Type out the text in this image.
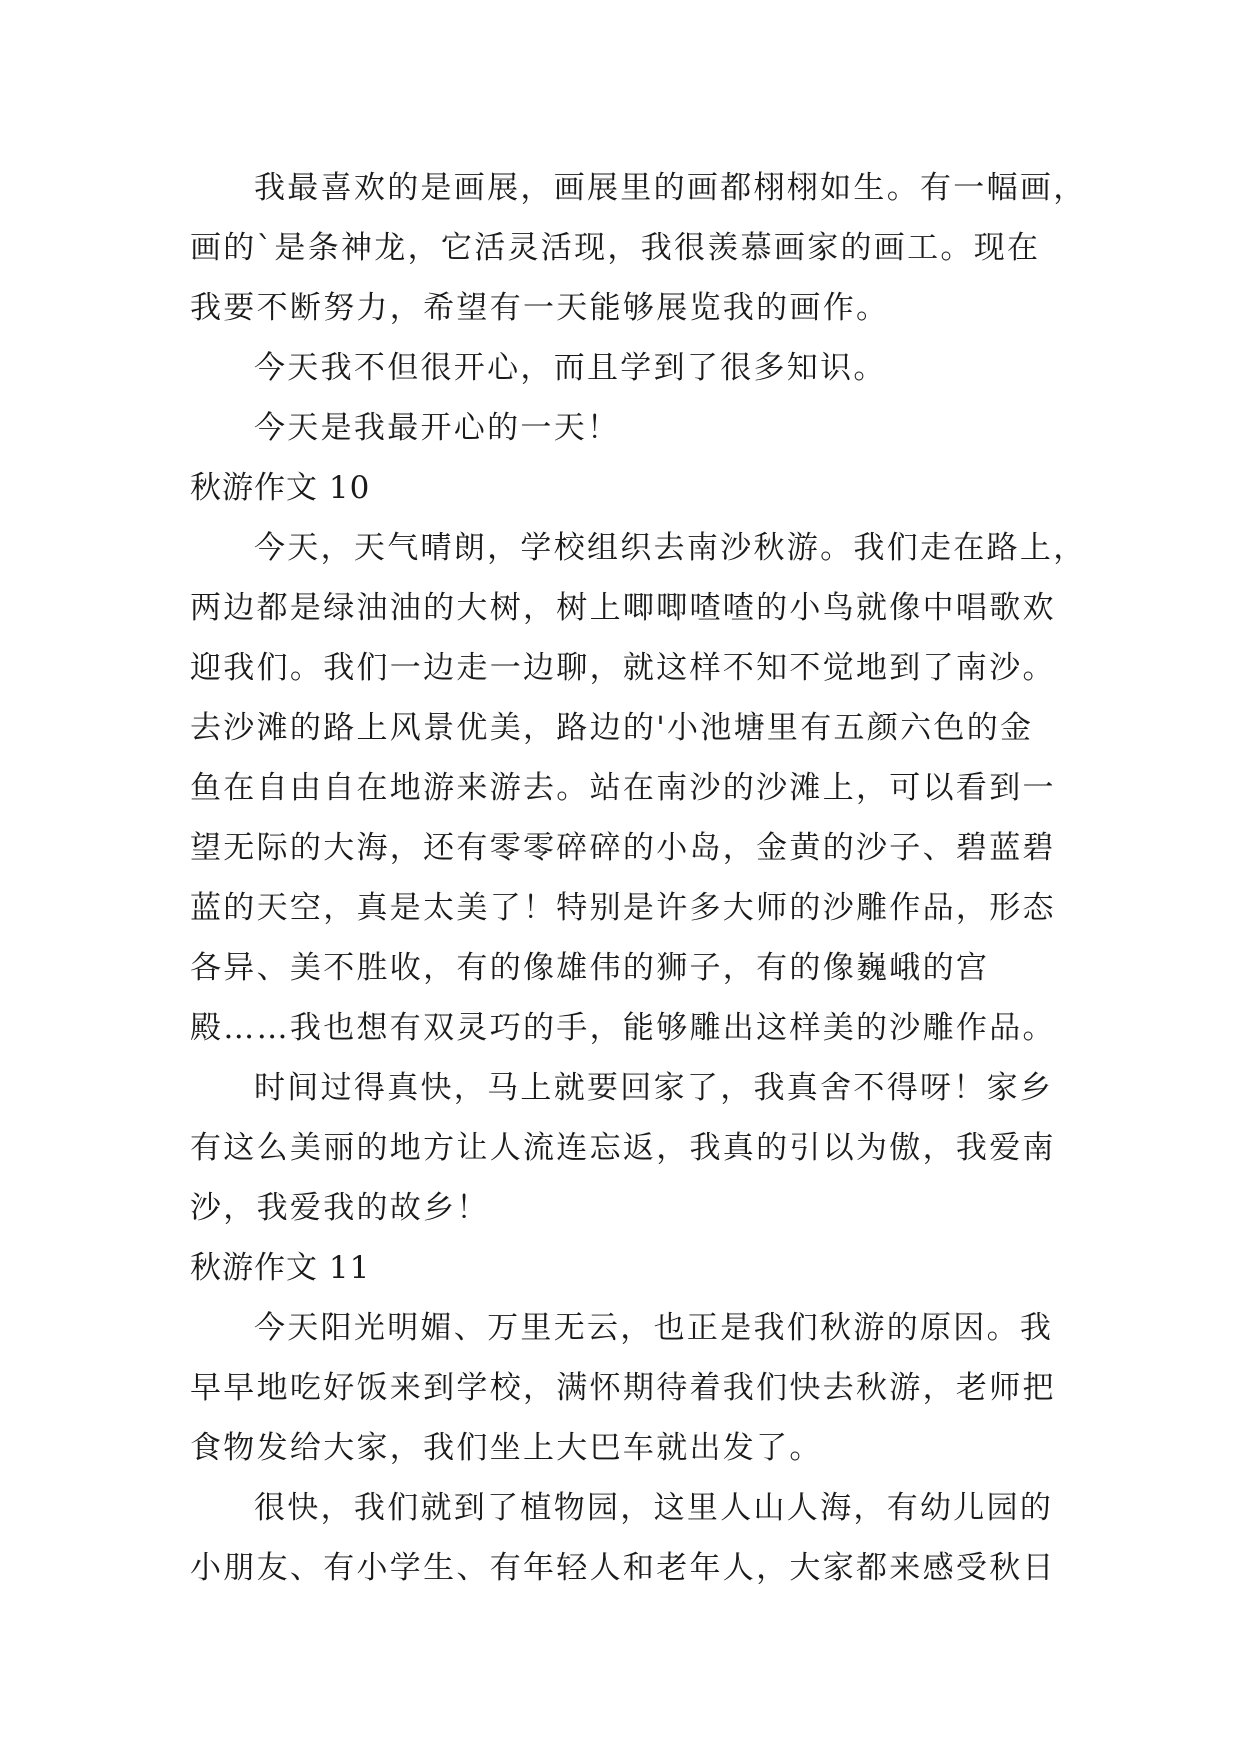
我最喜欢的是画展，画展里的画都栩栩如生。有一幅画，

画的`是条神龙，它活灵活现，我很羡慕画家的画工。现在

我要不断努力，希望有一天能够展览我的画作。

今天我不但很开心，而且学到了很多知识。

今天是我最开心的一天！

秋游作文 10

今天，天气晴朗，学校组织去南沙秋游。我们走在路上，

两边都是绿油油的大树，树上唧唧喳喳的小鸟就像中唱歌欢

迎我们。我们一边走一边聊，就这样不知不觉地到了南沙。

去沙滩的路上风景优美，路边的'小池塘里有五颜六色的金

鱼在自由自在地游来游去。站在南沙的沙滩上，可以看到一

望无际的大海，还有零零碎碎的小岛，金黄的沙子、碧蓝碧

蓝的天空，真是太美了！特别是许多大师的沙雕作品，形态

各异、美不胜收，有的像雄伟的狮子，有的像巍峨的宫

殿……我也想有双灵巧的手，能够雕出这样美的沙雕作品。

时间过得真快，马上就要回家了，我真舍不得呀！家乡

有这么美丽的地方让人流连忘返，我真的引以为傲，我爱南

沙，我爱我的故乡！

秋游作文 11

今天阳光明媚、万里无云，也正是我们秋游的原因。我

早早地吃好饭来到学校，满怀期待着我们快去秋游，老师把

食物发给大家，我们坐上大巴车就出发了。

很快，我们就到了植物园，这里人山人海，有幼儿园的

小朋友、有小学生、有年轻人和老年人，大家都来感受秋日
